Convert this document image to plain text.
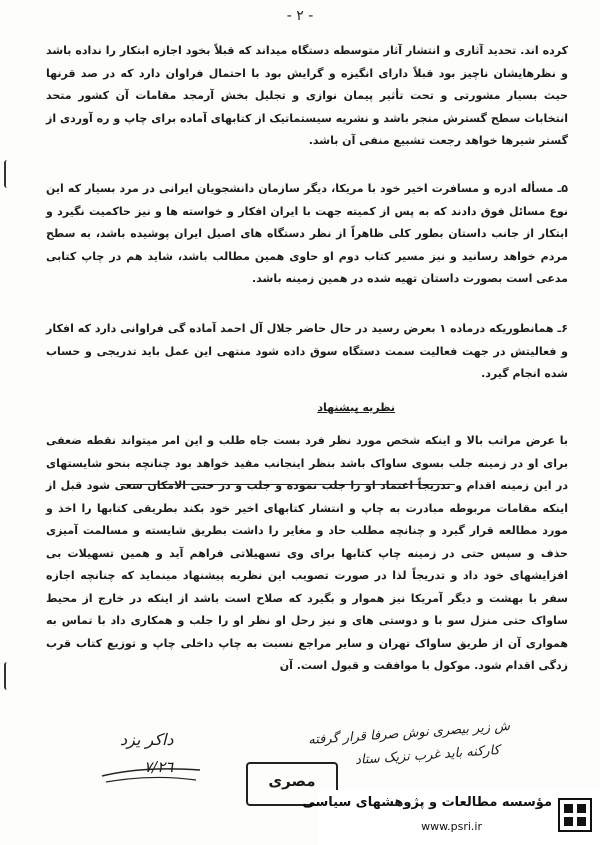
- ٢ -

کرده اند. تحدید آثاری و انتشار آثار متوسطه دستگاه میداند که قبلاً بخود اجازه ابتکار را نداده باشد و نظرهایشان ناچیز بود قبلاً دارای انگیزه و گرایش بود با احتمال فراوان دارد که در صد قرنها حیث بسیار مشورتی و تحت تأثیر پیمان نوازی و تجلیل بخش آرمجد مقامات آن کشور متحد انتخابات سطح گسترش منجر باشد و نشریه سیستماتیک از کتابهای آماده برای چاپ و ره آوردی از گستر شیرها خواهد رجعت تشبیع منفی آن باشد.

۵ـ مسأله ادره و مسافرت اخیر خود با مریکا، دیگر سازمان دانشجویان ایرانی در مرد بسیار که این نوع مسائل فوق دادند که به پس از کمیته جهت با ایران افکار و خواسته ها و نیز حاکمیت نگیرد و ابتکار از جانب داستان بطور کلی ظاهراً از نظر دستگاه های اصیل ایران پوشیده باشد، به سطح مردم خواهد رسانید و نیز مسیر کتاب دوم او حاوی همین مطالب باشد، شاید هم در چاپ کتابی مدعی است بصورت داستان تهیه شده در همین زمینه باشد.

۶ـ همانطوریکه درماده ۱ بعرض رسید در حال حاضر جلال آل احمد آماده گی فراوانی دارد که افکار و فعالیتش در جهت فعالیت سمت دستگاه سوق داده شود منتهی این عمل باید تدریجی و حساب شده انجام گیرد.

نظریه پیشنهاد

با عرض مراتب بالا و اینکه شخص مورد نظر فرد بست جاه طلب و این امر میتواند نقطه ضعفی برای او در زمینه جلب بسوی ساواک باشد بنظر اینجانب مفید خواهد بود چنانچه بنحو شایستهای در این زمینه اقدام و تدریجاً اعتماد او را جلب نموده و جلب و در حتی الامکان سعی شود قبل از اینکه مقامات مربوطه مبادرت به چاپ و انتشار کتابهای اخیر خود بکند بطریقی کتابها را اخذ و مورد مطالعه قرار گیرد و چنانچه مطلب حاد و مغایر را داشت بطریق شایسته و مسالمت آمیزی حذف و سپس حتی در زمینه چاپ کتابها برای وی تسهیلاتی فراهم آید و همین تسهیلات بی افزایشهای خود داد و تدریجاً لذا در صورت تصویب این نظریه پیشنهاد مینماید که چنانچه اجازه سفر با بهشت و دیگر آمریکا نیز هموار و بگیرد که صلاح است باشد از اینکه در خارج از محیط ساواک حتی منزل سو با و دوستی های و نیز رحل او نظر او را جلب و همکاری داد با تماس به همواری آن از طریق ساواک تهران و سایر مراجع نسبت به چاپ داخلی چاپ و توزیع کتاب قرب زدگی اقدام شود. موکول با موافقت و قبول است. آن

داکر یزد
٧/٢٦
ش زیر بیصری نوش صرفا قرار گرفته
کارکنه باید غرب نزیک ستاد
مصری
مؤسسه مطالعات و پژوهشهای سیاسی
www.psri.ir
